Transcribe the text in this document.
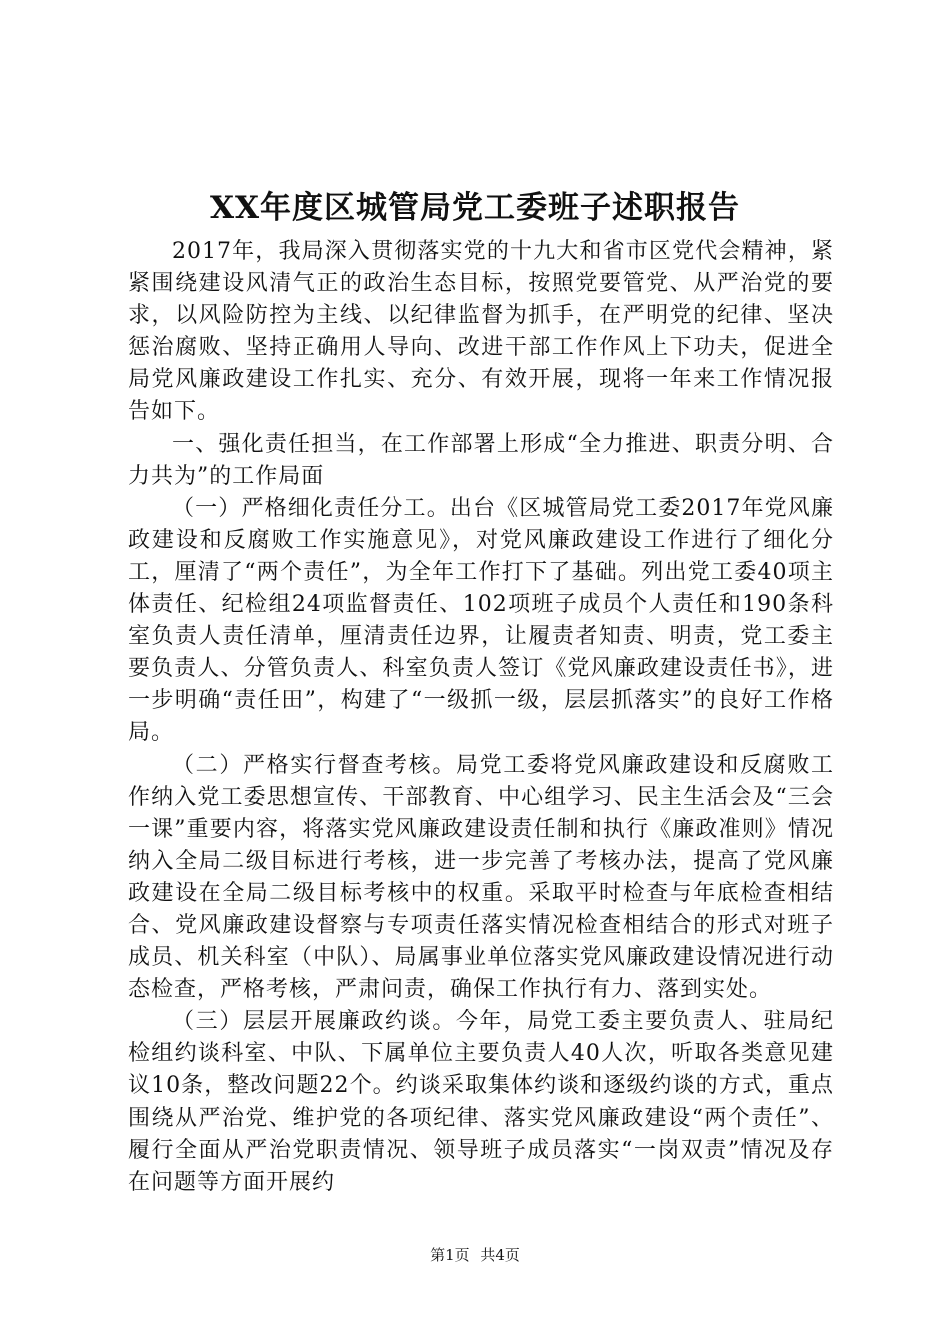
XX年度区城管局党工委班子述职报告

2017年，我局深入贯彻落实党的十九大和省市区党代会精神，紧紧围绕建设风清气正的政治生态目标，按照党要管党、从严治党的要求，以风险防控为主线、以纪律监督为抓手，在严明党的纪律、坚决惩治腐败、坚持正确用人导向、改进干部工作作风上下功夫，促进全局党风廉政建设工作扎实、充分、有效开展，现将一年来工作情况报告如下。

一、强化责任担当，在工作部署上形成“全力推进、职责分明、合力共为”的工作局面

（一）严格细化责任分工。出台《区城管局党工委2017年党风廉政建设和反腐败工作实施意见》，对党风廉政建设工作进行了细化分工，厘清了“两个责任”，为全年工作打下了基础。列出党工委40项主体责任、纪检组24项监督责任、102项班子成员个人责任和190条科室负责人责任清单，厘清责任边界，让履责者知责、明责，党工委主要负责人、分管负责人、科室负责人签订《党风廉政建设责任书》，进一步明确“责任田”，构建了“一级抓一级，层层抓落实”的良好工作格局。

（二）严格实行督查考核。局党工委将党风廉政建设和反腐败工作纳入党工委思想宣传、干部教育、中心组学习、民主生活会及“三会一课”重要内容，将落实党风廉政建设责任制和执行《廉政准则》情况纳入全局二级目标进行考核，进一步完善了考核办法，提高了党风廉政建设在全局二级目标考核中的权重。采取平时检查与年底检查相结合、党风廉政建设督察与专项责任落实情况检查相结合的形式对班子成员、机关科室（中队）、局属事业单位落实党风廉政建设情况进行动态检查，严格考核，严肃问责，确保工作执行有力、落到实处。

（三）层层开展廉政约谈。今年，局党工委主要负责人、驻局纪检组约谈科室、中队、下属单位主要负责人40人次，听取各类意见建议10条，整改问题22个。约谈采取集体约谈和逐级约谈的方式，重点围绕从严治党、维护党的各项纪律、落实党风廉政建设“两个责任”、履行全面从严治党职责情况、领导班子成员落实“一岗双责”情况及存在问题等方面开展约

第1页 共4页
